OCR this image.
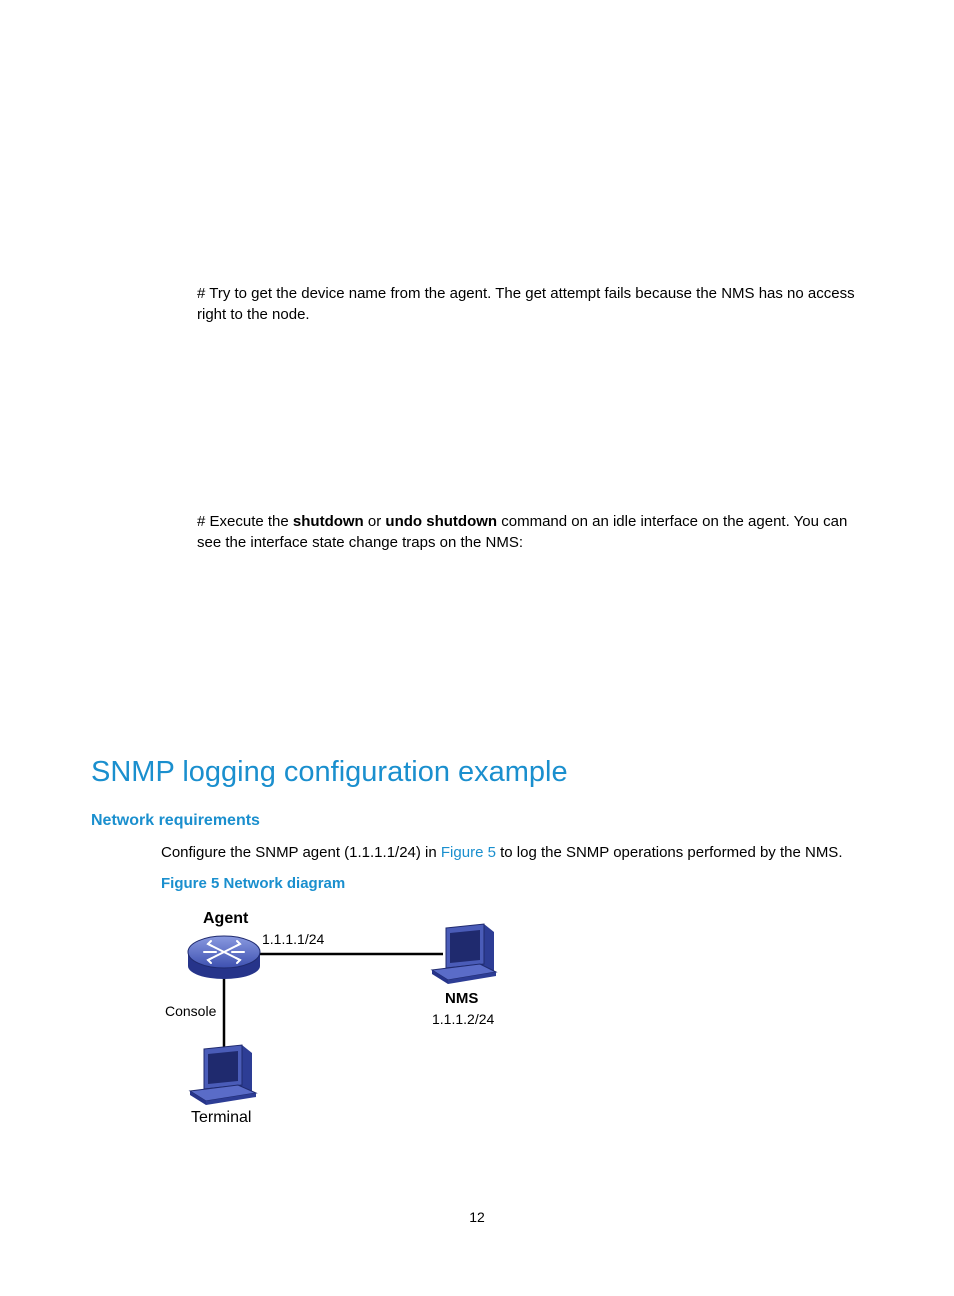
# Try to get the device name from the agent. The get attempt fails because the NMS has no access right to the node.

# Execute the shutdown or undo shutdown command on an idle interface on the agent. You can see the interface state change traps on the NMS:

SNMP logging configuration example
Network requirements

Configure the SNMP agent (1.1.1.1/24) in Figure 5 to log the SNMP operations performed by the NMS.

Figure 5 Network diagram

Agent
1.1.1.1/24
NMS
1.1.1.2/24
Console
Terminal
12
